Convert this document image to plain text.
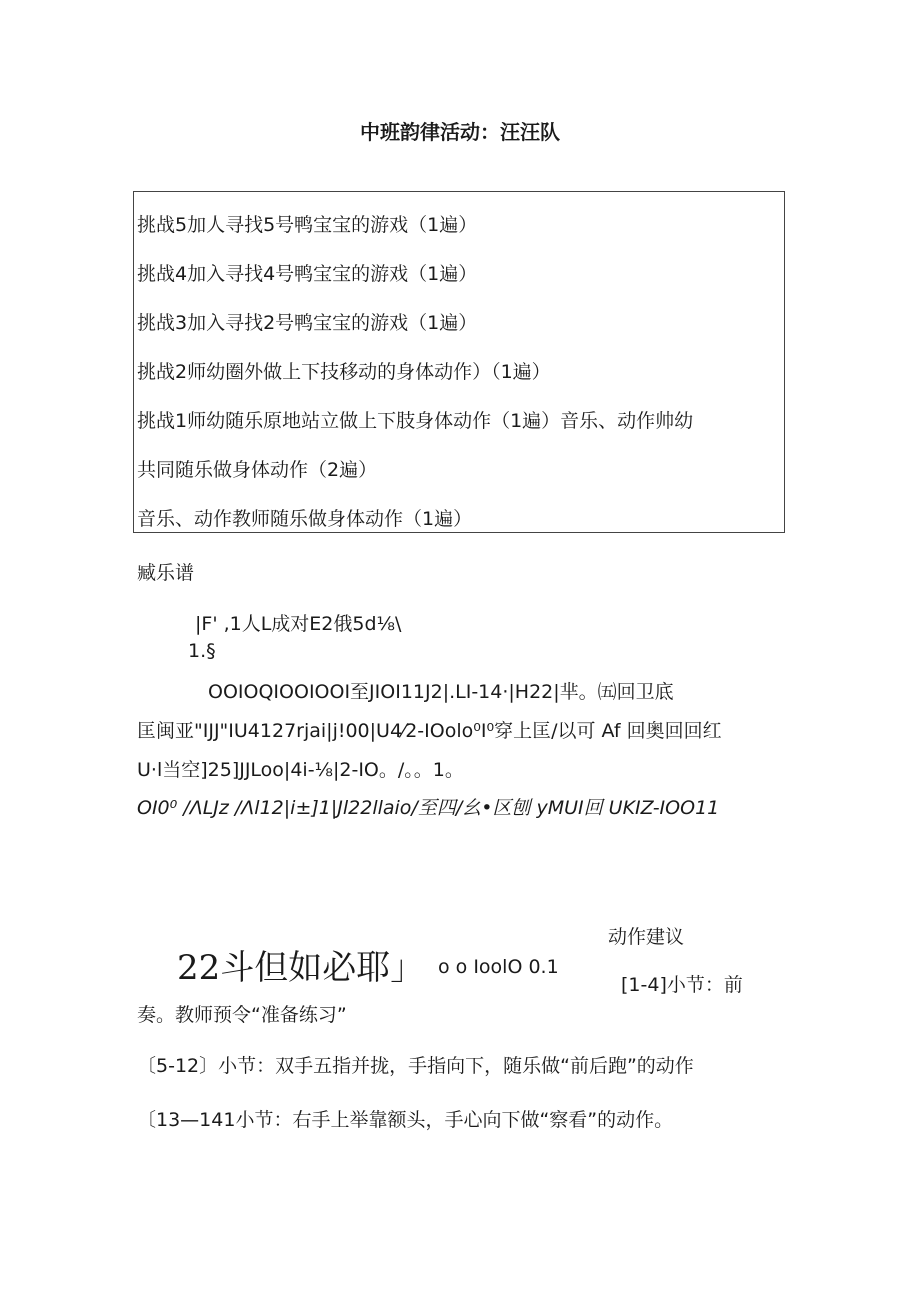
中班韵律活动：汪汪队
挑战5加人寻找5号鸭宝宝的游戏（1遍）
挑战4加入寻找4号鸭宝宝的游戏（1遍）
挑战3加入寻找2号鸭宝宝的游戏（1遍）
挑战2师幼圈外做上下技移动的身体动作）（1遍）
挑战1师幼随乐原地站立做上下肢身体动作（1遍）音乐、动作帅幼
共同随乐做身体动作（2遍）
音乐、动作教师随乐做身体动作（1遍）
臧乐谱
|F' ,1人L成对E2俄5d⅛\
1.§
OOIOQIOOIOOI至JIOI11J2|.LI-14·|H22|芈。㈤回卫底
匡闽亚"IJJ"IU4127rjai|j!00|U4⁄2-IOolo⁰I⁰穿上匡/以可 Af 回奥回回红
U·l当空]25]JJLoo|4i-⅛|2-IO。/。。1。
OI0⁰ /ΛLJz /Λl12|i±]1|Jl22llaio/至四/幺•区刨 yMUI回 UKIZ-IOO11
动作建议
22斗但如必耶」 o o IoolO 0.1
[1-4]小节：前
奏。教师预令“准备练习”
〔5-12〕小节：双手五指并拢，手指向下，随乐做“前后跑”的动作
〔13—141小节：右手上举靠额头，手心向下做“察看”的动作。
